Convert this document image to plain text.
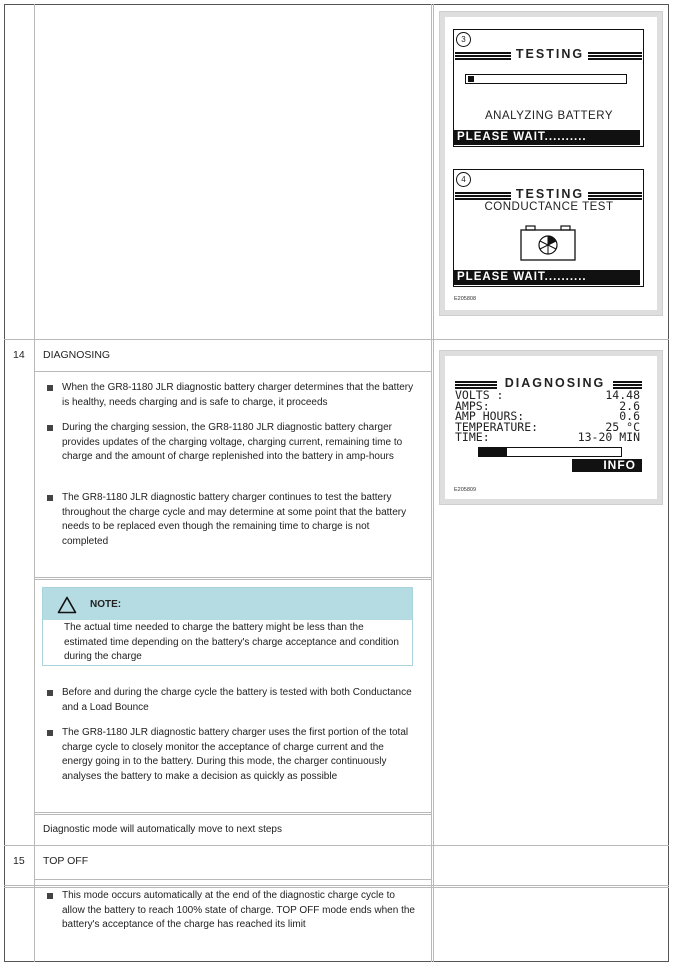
3
TESTING
ANALYZING BATTERY
PLEASE WAIT..........
4
TESTING
CONDUCTANCE TEST
PLEASE WAIT..........
E205808
14 DIAGNOSING
When the GR8-1180 JLR diagnostic battery charger determines that the battery is healthy, needs charging and is safe to charge, it proceeds
During the charging session, the GR8-1180 JLR diagnostic battery charger provides updates of the charging voltage, charging current, remaining time to charge and the amount of charge replenished into the battery in amp-hours
The GR8-1180 JLR diagnostic battery charger continues to test the battery throughout the charge cycle and may determine at some point that the battery needs to be replaced even though the remaining time to charge is not completed
NOTE:
The actual time needed to charge the battery might be less than the estimated time depending on the battery's charge acceptance and condition during the charge
Before and during the charge cycle the battery is tested with both Conductance and a Load Bounce
The GR8-1180 JLR diagnostic battery charger uses the first portion of the total charge cycle to closely monitor the acceptance of charge current and the energy going in to the battery. During this mode, the charger continuously analyses the battery to make a decision as quickly as possible
Diagnostic mode will automatically move to next steps
DIAGNOSING
VOLTS :	14.48
AMPS:	2.6
AMP HOURS:	0.6
TEMPERATURE:	25 °C
TIME:	13-20 MIN
INFO
E205809
15 TOP OFF
This mode occurs automatically at the end of the diagnostic charge cycle to allow the battery to reach 100% state of charge. TOP OFF mode ends when the battery's acceptance of the charge has reached its limit
